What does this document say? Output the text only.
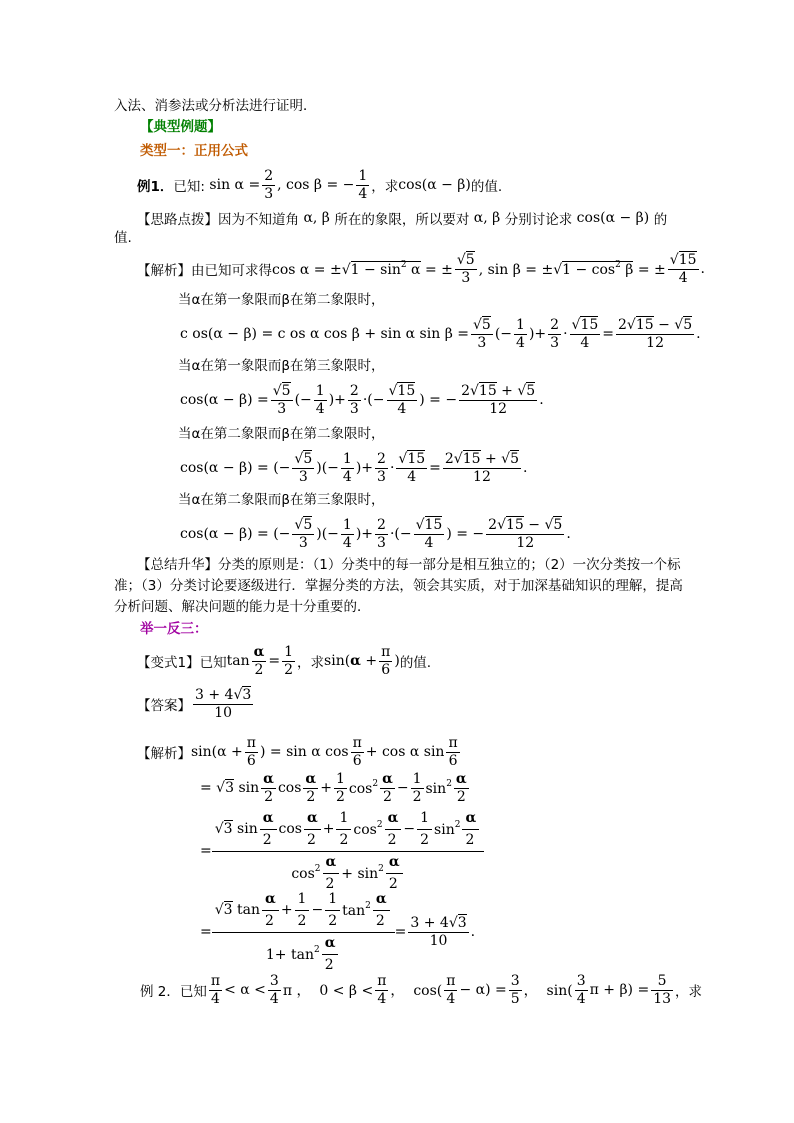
入法、消参法或分析法进行证明．
【典型例题】
类型一：正用公式
例1． 已知: $\sin \alpha = \frac{2}{3}$ , cos β = − $\frac{1}{4}$ ，求 cos(α − β) 的值.
【思路点拨】 因为不知道角 α, β 所在的象限，所以要对 α, β 分别讨论求 cos(α − β) 的
值.
【解析】 由已知可求得 $\cos \alpha = \pm√1 - \sin^2 \alpha$ = ± $\frac{√5}{3}$ , $\sin \beta = \pm√1 - \cos^2 \beta$ = ± $\frac{√15}{4}$ .
当α在第一象限而β在第二象限时，
c os(α − β) = c os α cos β + sin α $\sin \beta = \frac{√5}{3}$ (− $\frac{1}{4}$ )+ $\frac{2}{3} \cdot \frac{√15}{4} = \frac{2√15 - √5}{12}$ .
当α在第一象限而β在第三象限时，
$\cos(\alpha - \beta) = \frac{√5}{3}$ (− $\frac{1}{4}$ )+ $\frac{2}{3}$ ·(− $\frac{√15}{4}$ ) = − $\frac{2√15 + √5}{12}$ .
当α在第二象限而β在第二象限时，
cos(α − β) = (− $\frac{√5}{3}$ )(− $\frac{1}{4}$ )+ $\frac{2}{3} \cdot \frac{√15}{4} = \frac{2√15 + √5}{12}$ .
当α在第二象限而β在第三象限时，
cos(α − β) = (− $\frac{√5}{3}$ )(− $\frac{1}{4}$ )+ $\frac{2}{3}$ ·(− $\frac{√15}{4}$ ) = − $\frac{2√15 - √5}{12}$ .
【总结升华】分类的原则是：（1）分类中的每一部分是相互独立的；（2）一次分类按一个标准；（3）分类讨论要逐级进行．掌握分类的方法，领会其实质，对于加深基础知识的理解，提高分析问题、解决问题的能力是十分重要的．
举一反三：
【变式1】 已知 $\tan \frac{\alpha}{2} = \frac{1}{2}$ ，求 $\sin(\alpha + \frac{\pi}{6}$ ) 的值.
【答案】 $\frac{3 + 4√3}{10}$
【解析】 $\sin(\alpha + \frac{\pi}{6}$ ) = sin α $\cos \frac{\pi}{6} + \cos \alpha$ $\sin \frac{\pi}{6}$
= √3 $\sin \frac{\alpha}{2}$ $\cos \frac{\alpha}{2} + \frac{1}{2} \cos^2 \frac{\alpha}{2} - \frac{1}{2} \sin^2 \frac{\alpha}{2}$
=
√3 $\sin \frac{\alpha}{2}$ $\cos \frac{\alpha}{2} + \frac{1}{2} \cos^2 \frac{\alpha}{2} - \frac{1}{2} \sin^2 \frac{\alpha}{2}$
$\cos^2 \frac{\alpha}{2} + \sin^2 \frac{\alpha}{2}$
=
√3 $\tan \frac{\alpha}{2} + \frac{1}{2} - \frac{1}{2} \tan^2 \frac{\alpha}{2}$
$1+ \tan^2 \frac{\alpha}{2}$
= $\frac{3 + 4√3}{10}$ .
例 2． 已知 $\frac{\pi}{4} < \alpha < \frac{3}{4}$ π ，  $0 < \beta < \frac{\pi}{4}$ ，  $\cos( \frac{\pi}{4} - \alpha) = \frac{3}{5}$ ，  $\sin( \frac{3}{4}$ $\pi + \beta) = \frac{5}{13}$ ，求
